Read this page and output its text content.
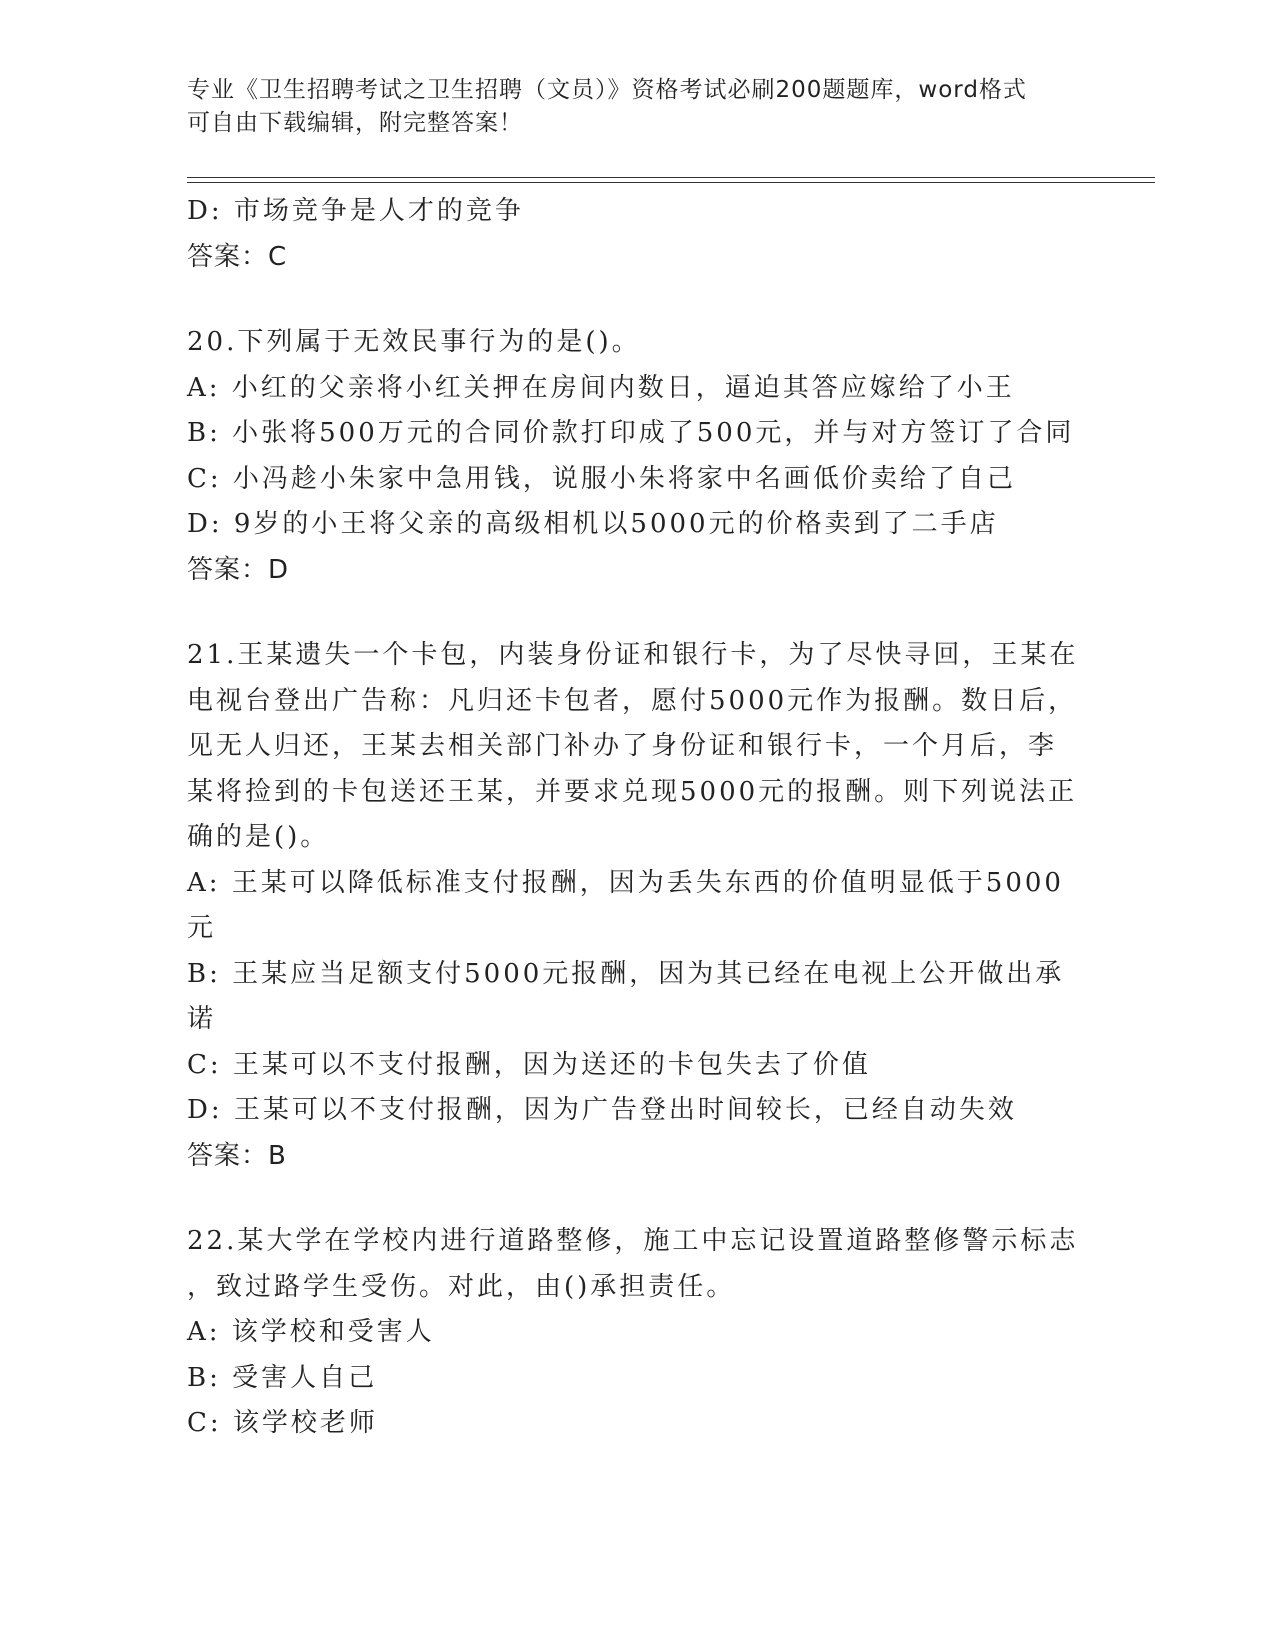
专业《卫生招聘考试之卫生招聘（文员）》资格考试必刷200题题库，word格式
可自由下载编辑，附完整答案！
D: 市场竞争是人才的竞争
答案：C
20.下列属于无效民事行为的是()。
A: 小红的父亲将小红关押在房间内数日，逼迫其答应嫁给了小王
B: 小张将500万元的合同价款打印成了500元，并与对方签订了合同
C: 小冯趁小朱家中急用钱，说服小朱将家中名画低价卖给了自己
D: 9岁的小王将父亲的高级相机以5000元的价格卖到了二手店
答案：D
21.王某遗失一个卡包，内装身份证和银行卡，为了尽快寻回，王某在
电视台登出广告称：凡归还卡包者，愿付5000元作为报酬。数日后，
见无人归还，王某去相关部门补办了身份证和银行卡，一个月后，李
某将捡到的卡包送还王某，并要求兑现5000元的报酬。则下列说法正
确的是()。
A: 王某可以降低标准支付报酬，因为丢失东西的价值明显低于5000
元
B: 王某应当足额支付5000元报酬，因为其已经在电视上公开做出承
诺
C: 王某可以不支付报酬，因为送还的卡包失去了价值
D: 王某可以不支付报酬，因为广告登出时间较长，已经自动失效
答案：B
22.某大学在学校内进行道路整修，施工中忘记设置道路整修警示标志
，致过路学生受伤。对此，由()承担责任。
A: 该学校和受害人
B: 受害人自己
C: 该学校老师
